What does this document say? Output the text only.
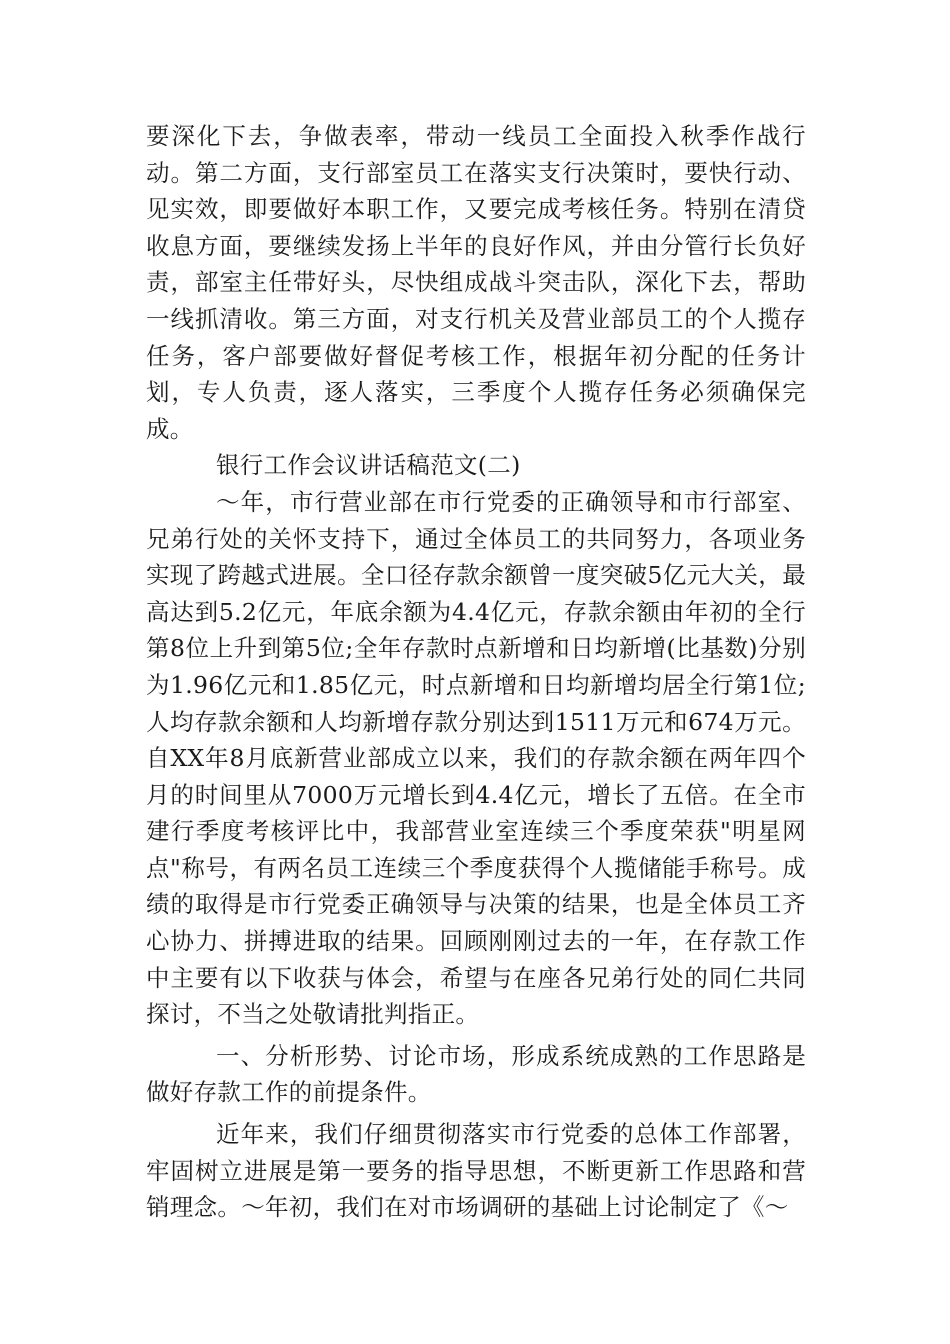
要深化下去，争做表率，带动一线员工全面投入秋季作战行动。第二方面，支行部室员工在落实支行决策时，要快行动、见实效，即要做好本职工作，又要完成考核任务。特别在清贷收息方面，要继续发扬上半年的良好作风，并由分管行长负好责，部室主任带好头，尽快组成战斗突击队，深化下去，帮助一线抓清收。第三方面，对支行机关及营业部员工的个人揽存任务，客户部要做好督促考核工作，根据年初分配的任务计划，专人负责，逐人落实，三季度个人揽存任务必须确保完成。

银行工作会议讲话稿范文(二)

～年，市行营业部在市行党委的正确领导和市行部室、兄弟行处的关怀支持下，通过全体员工的共同努力，各项业务实现了跨越式进展。全口径存款余额曾一度突破5亿元大关，最高达到5.2亿元，年底余额为4.4亿元，存款余额由年初的全行第8位上升到第5位;全年存款时点新增和日均新增(比基数)分别为1.96亿元和1.85亿元，时点新增和日均新增均居全行第1位;人均存款余额和人均新增存款分别达到1511万元和674万元。自XX年8月底新营业部成立以来，我们的存款余额在两年四个月的时间里从7000万元增长到4.4亿元，增长了五倍。在全市建行季度考核评比中，我部营业室连续三个季度荣获"明星网点"称号，有两名员工连续三个季度获得个人揽储能手称号。成绩的取得是市行党委正确领导与决策的结果，也是全体员工齐心协力、拼搏进取的结果。回顾刚刚过去的一年，在存款工作中主要有以下收获与体会，希望与在座各兄弟行处的同仁共同探讨，不当之处敬请批判指正。

一、分析形势、讨论市场，形成系统成熟的工作思路是做好存款工作的前提条件。

近年来，我们仔细贯彻落实市行党委的总体工作部署，牢固树立进展是第一要务的指导思想，不断更新工作思路和营销理念。～年初，我们在对市场调研的基础上讨论制定了《～
